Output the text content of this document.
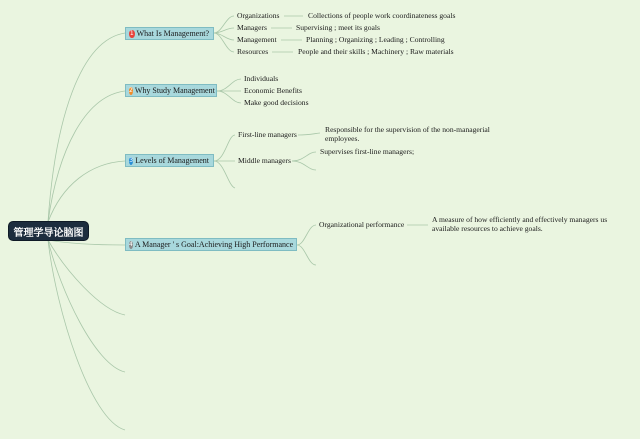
管理学导论脑图
1 What Is Management?
Organizations	Collections of people work coordinateness goals
Managers	Supervising ; meet its goals
Management	Planning ; Organizing ; Leading ; Controlling
Resources	People and their skills ; Machinery ; Raw materials
2 Why Study Management
Individuals
Economic Benefits
Make good decisions
3 Levels of Management
First-line managers
Responsible for the supervision of the non-managerial employees.
Middle managers
Supervises first-line managers;
4 A Manager ' s Goal:Achieving High Performance
Organizational performance
A measure of how efficiently and effectively managers us available resources to achieve goals.
